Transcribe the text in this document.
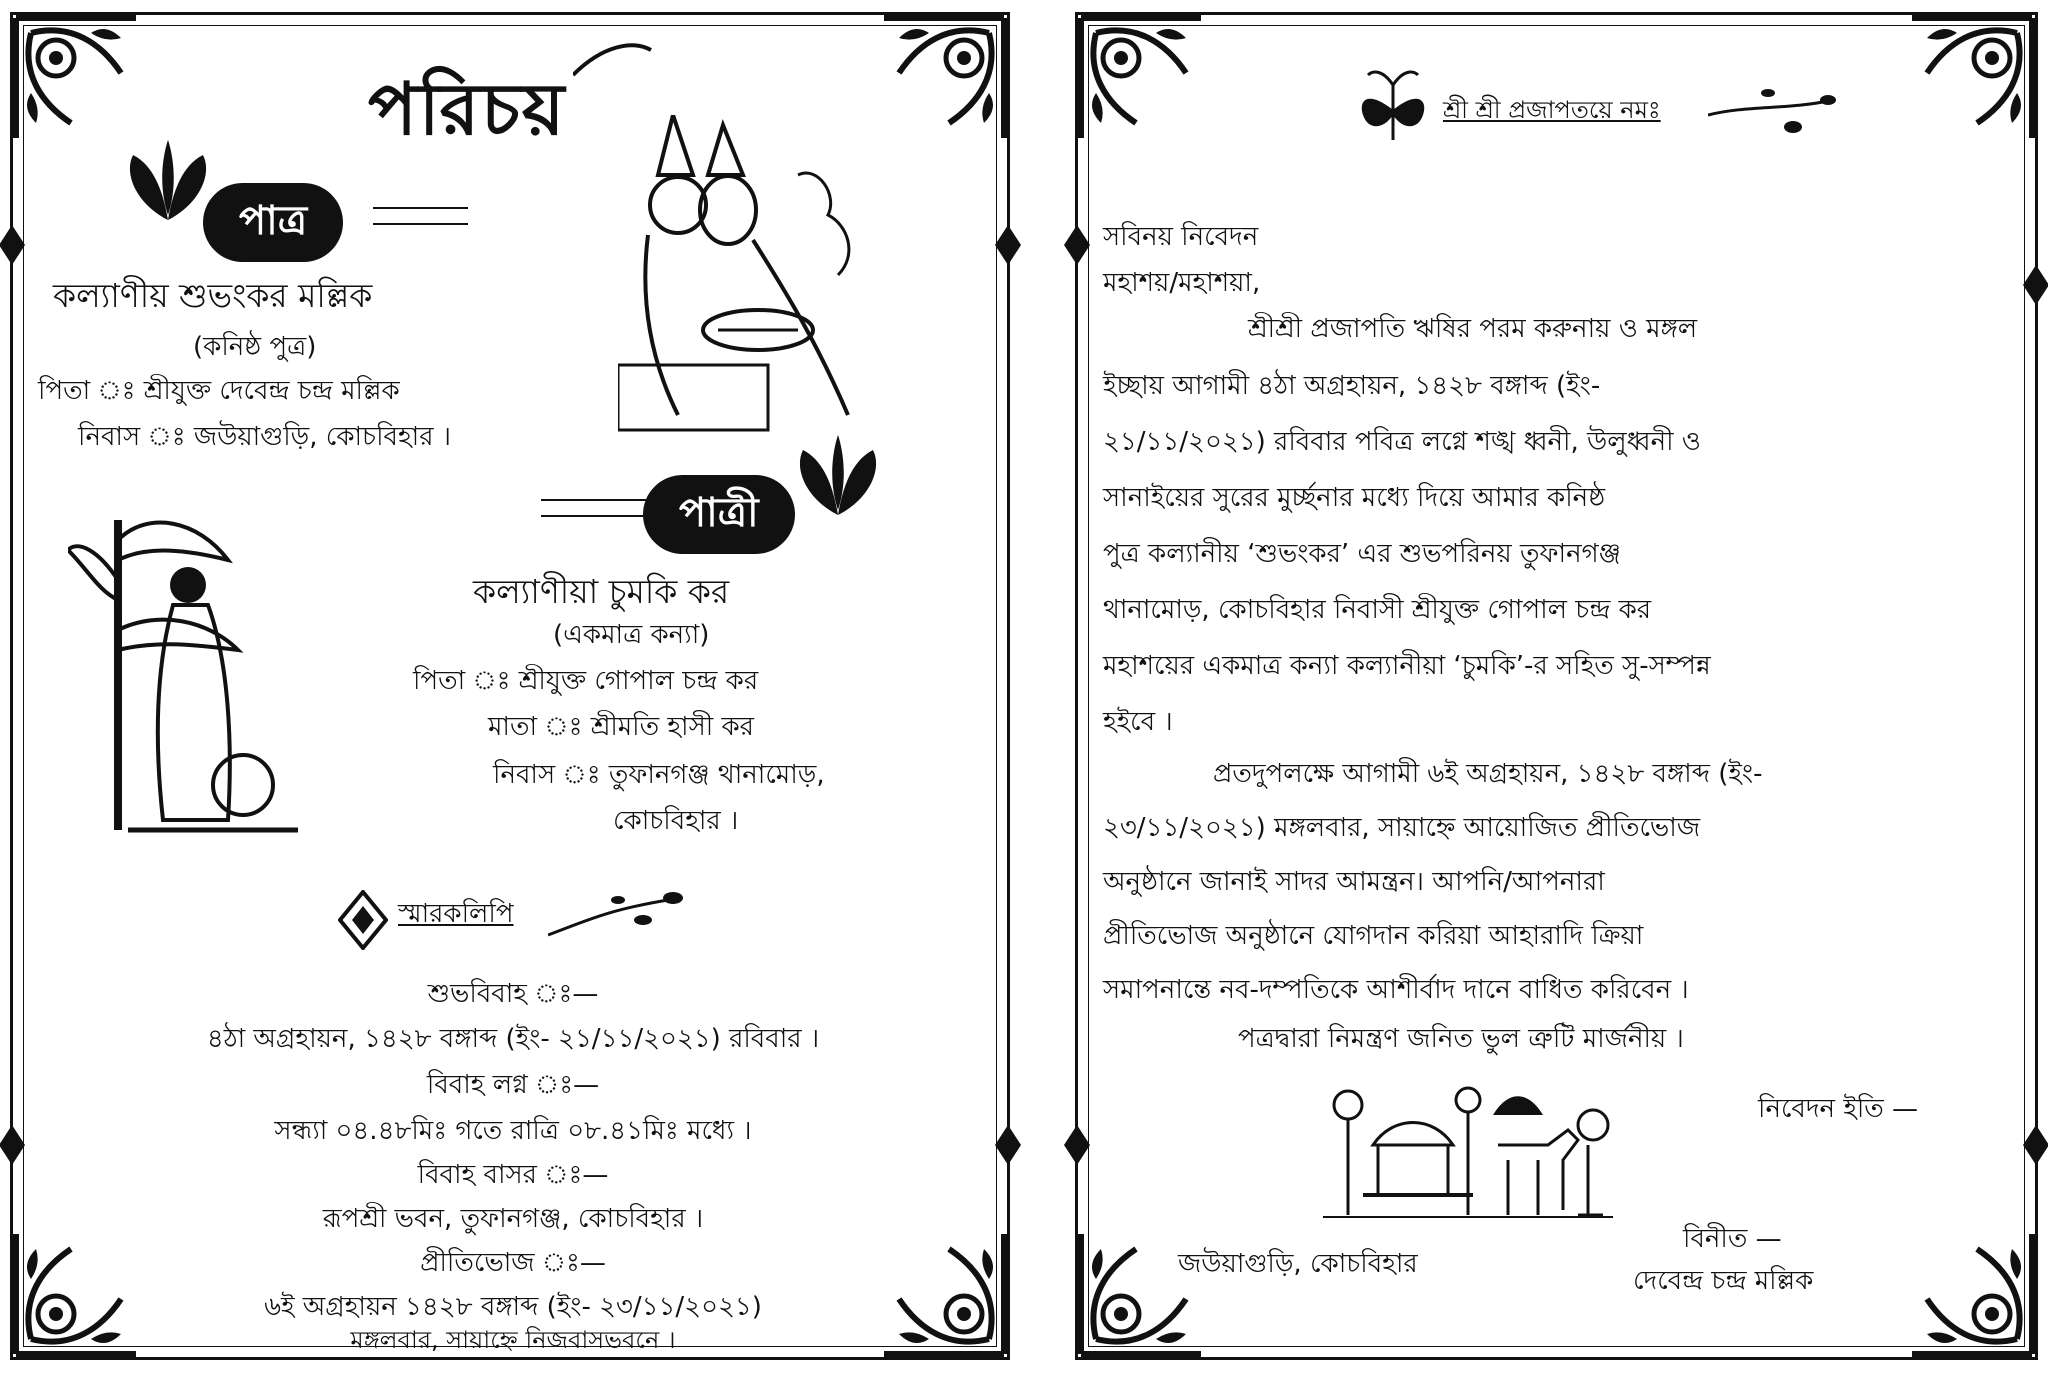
পরিচয়
পাত্র
কল্যাণীয় শুভংকর মল্লিক
(কনিষ্ঠ পুত্র)
পিতা ঃ শ্রীযুক্ত দেবেন্দ্র চন্দ্র মল্লিক
নিবাস ঃ জউয়াগুড়ি, কোচবিহার ।
পাত্রী
কল্যাণীয়া চুমকি কর
(একমাত্র কন্যা)
পিতা ঃ শ্রীযুক্ত গোপাল চন্দ্র কর
মাতা ঃ শ্রীমতি হাসী কর
নিবাস ঃ তুফানগঞ্জ থানামোড়,
কোচবিহার ।
স্মারকলিপি
শুভবিবাহ ঃ—
৪ঠা অগ্রহায়ন, ১৪২৮ বঙ্গাব্দ (ইং- ২১/১১/২০২১) রবিবার ।
বিবাহ লগ্ন ঃ—
সন্ধ্যা ০৪.৪৮মিঃ গতে রাত্রি ০৮.৪১মিঃ মধ্যে ।
বিবাহ বাসর ঃ—
রূপশ্রী ভবন, তুফানগঞ্জ, কোচবিহার ।
প্রীতিভোজ ঃ—
৬ই অগ্রহায়ন ১৪২৮ বঙ্গাব্দ (ইং- ২৩/১১/২০২১)
মঙ্গলবার, সায়াহ্নে নিজবাসভবনে ।
শ্রী শ্রী প্রজাপতয়ে নমঃ
সবিনয় নিবেদন
মহাশয়/মহাশয়া,
শ্রীশ্রী প্রজাপতি ঋষির পরম করুনায় ও মঙ্গল
ইচ্ছায় আগামী ৪ঠা অগ্রহায়ন, ১৪২৮ বঙ্গাব্দ (ইং-
২১/১১/২০২১) রবিবার পবিত্র লগ্নে শঙ্খ ধ্বনী, উলুধ্বনী ও
সানাইয়ের সুরের মুর্চ্ছনার মধ্যে দিয়ে আমার কনিষ্ঠ
পুত্র কল্যানীয় ‘শুভংকর’ এর শুভপরিনয় তুফানগঞ্জ
থানামোড়, কোচবিহার নিবাসী শ্রীযুক্ত গোপাল চন্দ্র কর
মহাশয়ের একমাত্র কন্যা কল্যানীয়া ‘চুমকি’-র সহিত সু-সম্পন্ন
হইবে ।
প্রতদুপলক্ষে আগামী ৬ই অগ্রহায়ন, ১৪২৮ বঙ্গাব্দ (ইং-
২৩/১১/২০২১) মঙ্গলবার, সায়াহ্নে আয়োজিত প্রীতিভোজ
অনুষ্ঠানে জানাই সাদর আমন্ত্রন। আপনি/আপনারা
প্রীতিভোজ অনুষ্ঠানে যোগদান করিয়া আহারাদি ক্রিয়া
সমাপনান্তে নব-দম্পতিকে আশীর্বাদ দানে বাধিত করিবেন ।
পত্রদ্বারা নিমন্ত্রণ জনিত ভুল ত্রুটি মার্জনীয় ।
নিবেদন ইতি —
বিনীত —
জউয়াগুড়ি, কোচবিহার
দেবেন্দ্র চন্দ্র মল্লিক
